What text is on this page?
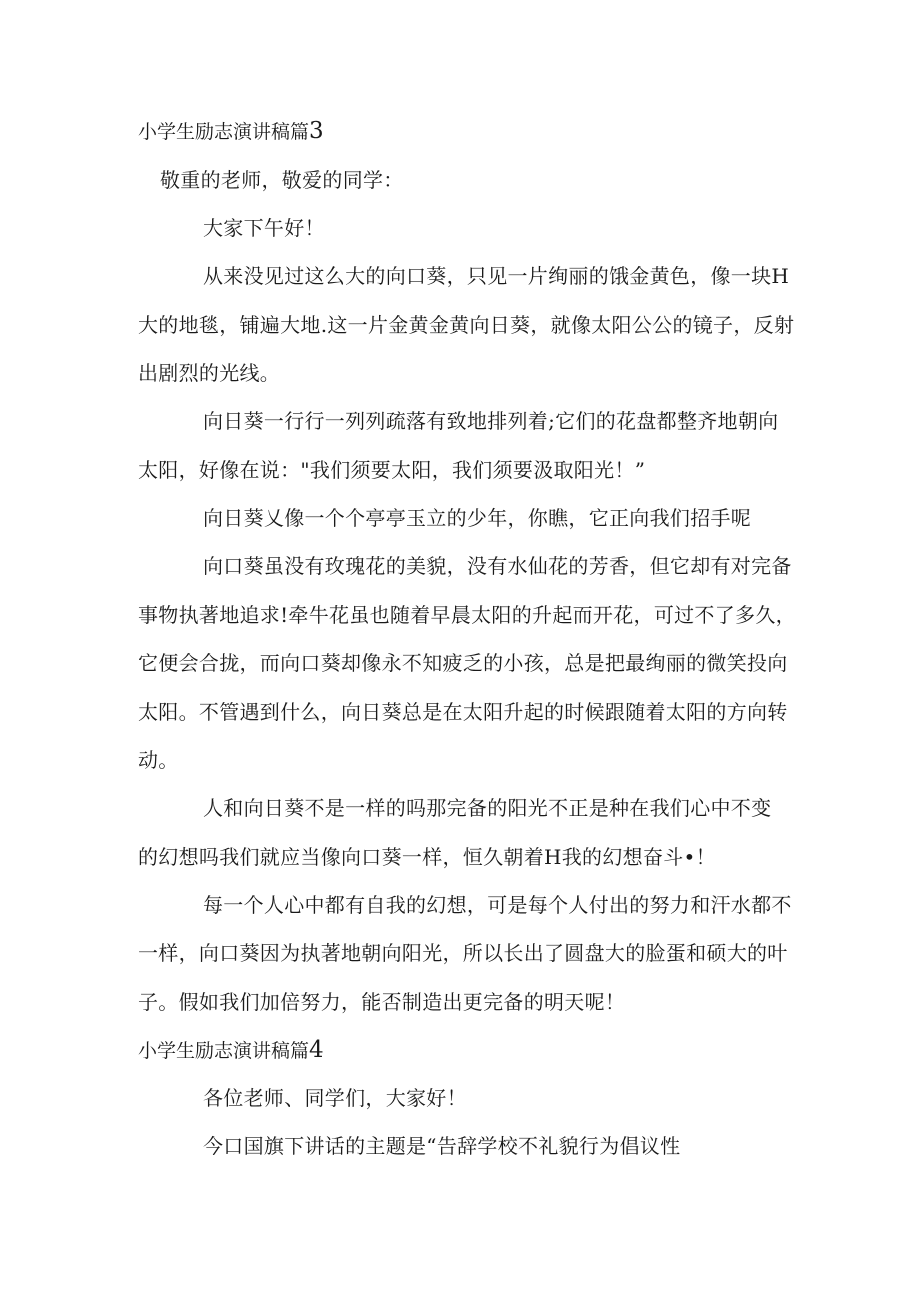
小学生励志演讲稿篇3
敬重的老师，敬爱的同学：
大家下午好！
从来没见过这么大的向口葵，只见一片绚丽的饿金黄色，像一块H
大的地毯，铺遍大地.这一片金黄金黄向日葵，就像太阳公公的镜子，反射
出剧烈的光线。
向日葵一行行一列列疏落有致地排列着;它们的花盘都整齐地朝向
太阳，好像在说："我们须要太阳，我们须要汲取阳光！”
向日葵乂像一个个亭亭玉立的少年，你瞧，它正向我们招手呢
向口葵虽没有玫瑰花的美貌，没有水仙花的芳香，但它却有对完备
事物执著地追求!牵牛花虽也随着早晨太阳的升起而开花，可过不了多久，
它便会合拢，而向口葵却像永不知疲乏的小孩，总是把最绚丽的微笑投向
太阳。不管遇到什么，向日葵总是在太阳升起的时候跟随着太阳的方向转
动。
人和向日葵不是一样的吗那完备的阳光不正是种在我们心中不变
的幻想吗我们就应当像向口葵一样，恒久朝着H我的幻想奋斗•！
每一个人心中都有自我的幻想，可是每个人付出的努力和汗水都不
一样，向口葵因为执著地朝向阳光，所以长出了圆盘大的脸蛋和硕大的叶
子。假如我们加倍努力，能否制造出更完备的明天呢！
小学生励志演讲稿篇4
各位老师、同学们，大家好！
今口国旗下讲话的主题是“告辞学校不礼貌行为倡议性
